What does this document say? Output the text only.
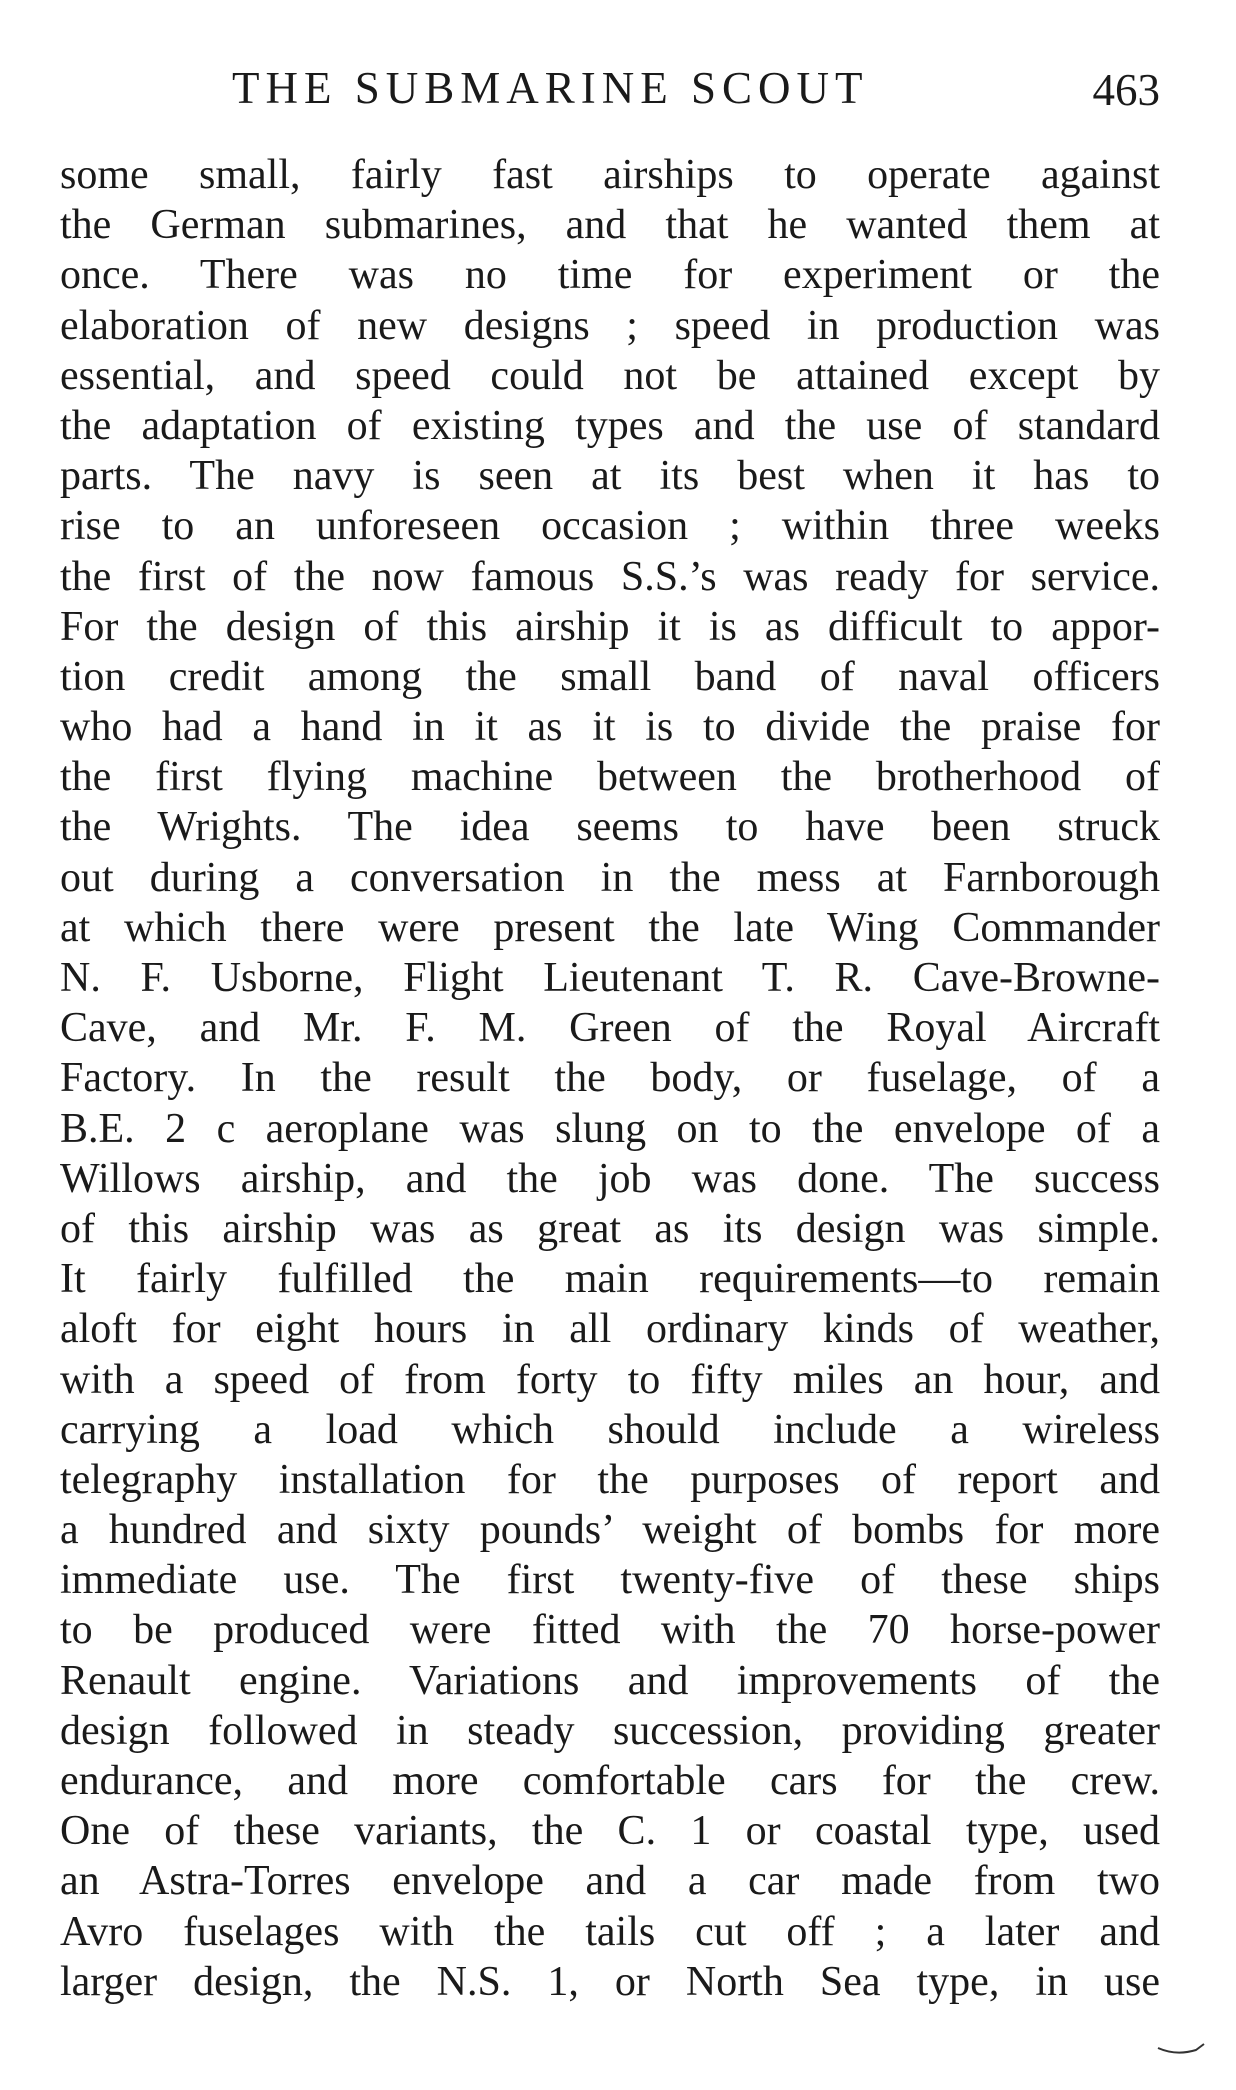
THE SUBMARINE SCOUT	463
some small, fairly fast airships to operate against
the German submarines, and that he wanted them at
once. There was no time for experiment or the
elaboration of new designs ; speed in production was
essential, and speed could not be attained except by
the adaptation of existing types and the use of standard
parts. The navy is seen at its best when it has to
rise to an unforeseen occasion ; within three weeks
the first of the now famous S.S.’s was ready for service.
For the design of this airship it is as difficult to appor-
tion credit among the small band of naval officers
who had a hand in it as it is to divide the praise for
the first flying machine between the brotherhood of
the Wrights. The idea seems to have been struck
out during a conversation in the mess at Farnborough
at which there were present the late Wing Commander
N. F. Usborne, Flight Lieutenant T. R. Cave-Browne-
Cave, and Mr. F. M. Green of the Royal Aircraft
Factory. In the result the body, or fuselage, of a
B.E. 2 c aeroplane was slung on to the envelope of a
Willows airship, and the job was done. The success
of this airship was as great as its design was simple.
It fairly fulfilled the main requirements—to remain
aloft for eight hours in all ordinary kinds of weather,
with a speed of from forty to fifty miles an hour, and
carrying a load which should include a wireless
telegraphy installation for the purposes of report and
a hundred and sixty pounds’ weight of bombs for more
immediate use. The first twenty-five of these ships
to be produced were fitted with the 70 horse-power
Renault engine. Variations and improvements of the
design followed in steady succession, providing greater
endurance, and more comfortable cars for the crew.
One of these variants, the C. 1 or coastal type, used
an Astra-Torres envelope and a car made from two
Avro fuselages with the tails cut off ; a later and
larger design, the N.S. 1, or North Sea type, in use
